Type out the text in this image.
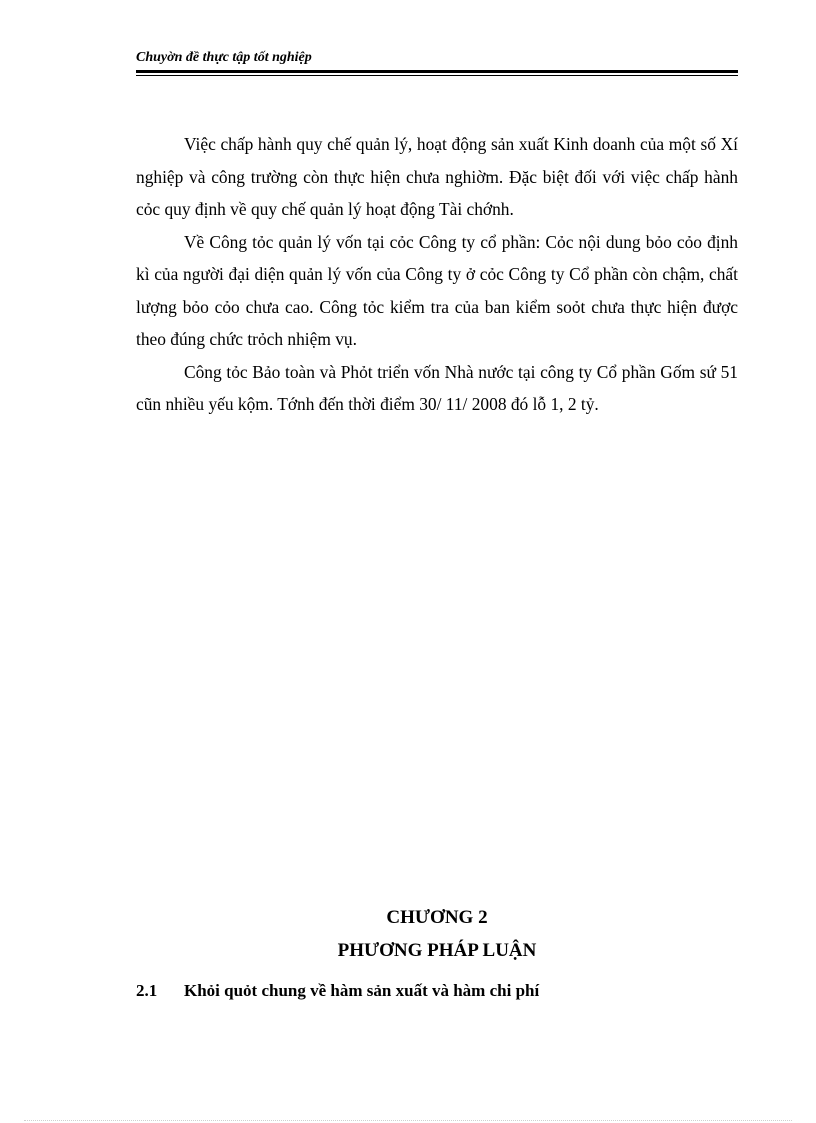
Chuyờn đề thực tập tốt nghiệp

Việc chấp hành quy chế quản lý, hoạt động sản xuất Kinh doanh của một số Xí nghiệp và công trường còn thực hiện chưa nghiờm. Đặc biệt đối với việc chấp hành cỏc quy định về quy chế quản lý hoạt động Tài chớnh.

Về Công tỏc quản lý vốn tại cỏc Công ty cổ phần: Cỏc nội dung bỏo cỏo định kì của người đại diện quản lý vốn của Công ty ở cỏc Công ty Cổ phần còn chậm, chất lượng bỏo cỏo chưa cao. Công tỏc kiểm tra của ban kiểm soỏt chưa thực hiện được theo đúng chức trỏch nhiệm vụ.

Công tỏc Bảo toàn và Phỏt triển vốn Nhà nước tại công ty Cổ phần Gốm sứ 51 cũn nhiều yếu kộm. Tớnh đến thời điểm 30/ 11/ 2008 đó lỗ 1, 2 tỷ.

CHƯƠNG 2
PHƯƠNG PHÁP LUẬN
2.1 Khỏi quỏt chung về hàm sản xuất và hàm chi phí
